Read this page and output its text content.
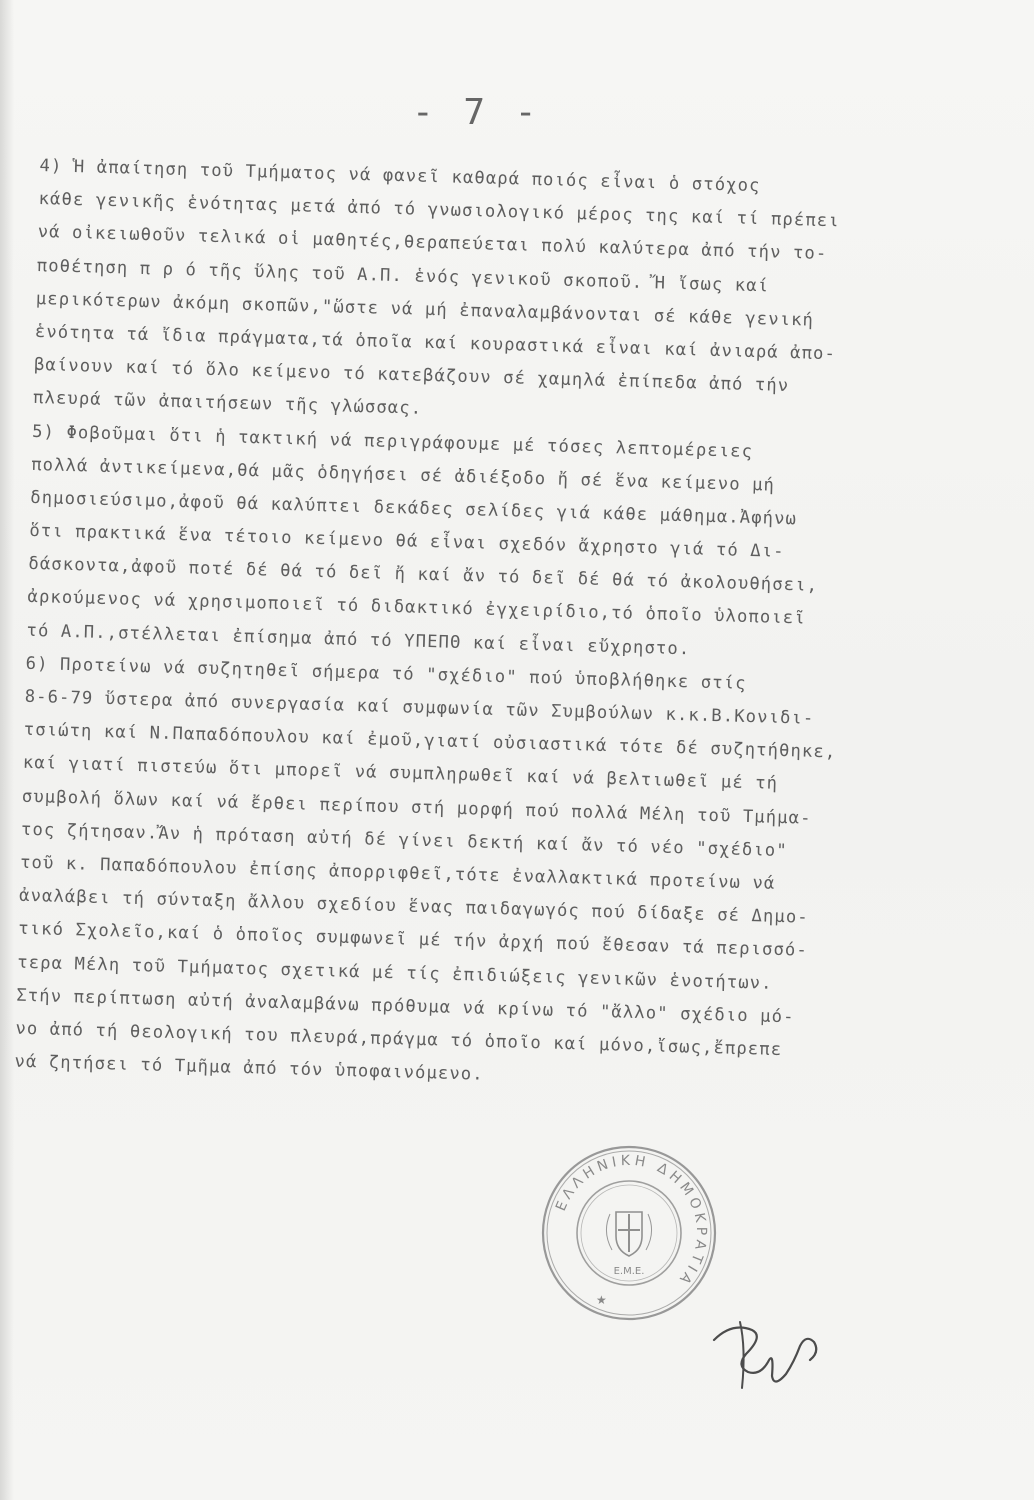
- 7 -
4) Ἡ ἀπαίτηση τοῦ Τμήματος νά φανεῖ καθαρά ποιός εἶναι ὁ στόχος
κάθε γενικῆς ἑνότητας μετά ἀπό τό γνωσιολογικό μέρος της καί τί πρέπει
νά οἰκειωθοῦν τελικά οἱ μαθητές,θεραπεύεται πολύ καλύτερα ἀπό τήν το-
ποθέτηση π ρ ό τῆς ὕλης τοῦ Α.Π. ἑνός γενικοῦ σκοποῦ. Ἤ ἴσως καί
μερικότερων ἀκόμη σκοπῶν,"ὥστε νά μή ἐπαναλαμβάνονται σέ κάθε γενική
ἑνότητα τά ἴδια πράγματα,τά ὁποῖα καί κουραστικά εἶναι καί ἀνιαρά ἀπο-
βαίνουν καί τό ὅλο κείμενο τό κατεβάζουν σέ χαμηλά ἐπίπεδα ἀπό τήν
πλευρά τῶν ἀπαιτήσεων τῆς γλώσσας.
5) Φοβοῦμαι ὅτι ἡ τακτική νά περιγράφουμε μέ τόσες λεπτομέρειες
πολλά ἀντικείμενα,θά μᾶς ὁδηγήσει σέ ἀδιέξοδο ἤ σέ ἕνα κείμενο μή
δημοσιεύσιμο,ἀφοῦ θά καλύπτει δεκάδες σελίδες γιά κάθε μάθημα.Ἀφήνω
ὅτι πρακτικά ἕνα τέτοιο κείμενο θά εἶναι σχεδόν ἄχρηστο γιά τό Δι-
δάσκοντα,ἀφοῦ ποτέ δέ θά τό δεῖ ἤ καί ἄν τό δεῖ δέ θά τό ἀκολουθήσει,
ἀρκούμενος νά χρησιμοποιεῖ τό διδακτικό ἐγχειρίδιο,τό ὁποῖο ὑλοποιεῖ
τό Α.Π.,στέλλεται ἐπίσημα ἀπό τό ΥΠΕΠΘ καί εἶναι εὔχρηστο.
6) Προτείνω νά συζητηθεῖ σήμερα τό "σχέδιο" πού ὑποβλήθηκε στίς
8-6-79 ὕστερα ἀπό συνεργασία καί συμφωνία τῶν Συμβούλων κ.κ.Β.Κονιδι-
τσιώτη καί Ν.Παπαδόπουλου καί ἐμοῦ,γιατί οὐσιαστικά τότε δέ συζητήθηκε,
καί γιατί πιστεύω ὅτι μπορεῖ νά συμπληρωθεῖ καί νά βελτιωθεῖ μέ τή
συμβολή ὅλων καί νά ἔρθει περίπου στή μορφή πού πολλά Μέλη τοῦ Τμήμα-
τος ζήτησαν.Ἄν ἡ πρόταση αὐτή δέ γίνει δεκτή καί ἄν τό νέο "σχέδιο"
τοῦ κ. Παπαδόπουλου ἐπίσης ἀπορριφθεῖ,τότε ἐναλλακτικά προτείνω νά
ἀναλάβει τή σύνταξη ἄλλου σχεδίου ἕνας παιδαγωγός πού δίδαξε σέ Δημο-
τικό Σχολεῖο,καί ὁ ὁποῖος συμφωνεῖ μέ τήν ἀρχή πού ἔθεσαν τά περισσό-
τερα Μέλη τοῦ Τμήματος σχετικά μέ τίς ἐπιδιώξεις γενικῶν ἑνοτήτων.
Στήν περίπτωση αὐτή ἀναλαμβάνω πρόθυμα νά κρίνω τό "ἄλλο" σχέδιο μό-
νο ἀπό τή θεολογική του πλευρά,πράγμα τό ὁποῖο καί μόνο,ἴσως,ἔπρεπε
νά ζητήσει τό Τμῆμα ἀπό τόν ὑποφαινόμενο.
ΕΛΛΗΝΙΚΗ ΔΗΜΟΚΡΑΤΙΑ
Ε.Μ.Ε.
★
